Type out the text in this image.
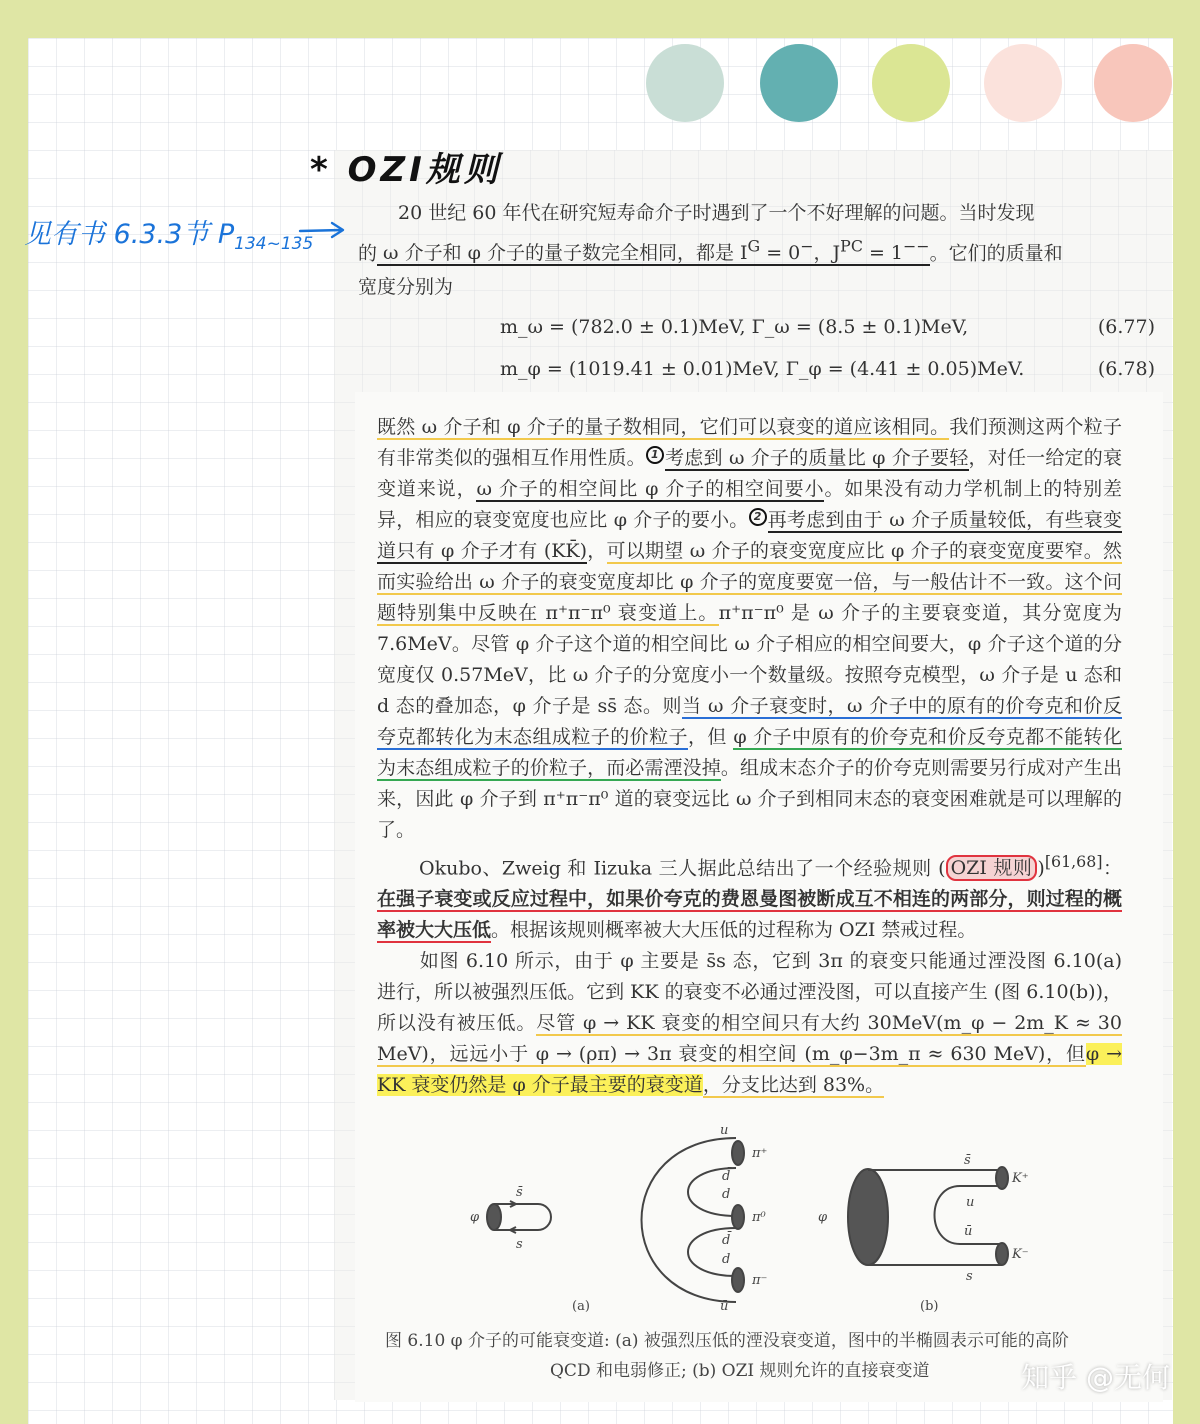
* OZI规则
见有书 6.3.3节 $P_{134\sim 135}$
20 世纪 60 年代在研究短寿命介子时遇到了一个不好理解的问题。当时发现
的 ω 介子和 φ 介子的量子数完全相同，都是 $I^G = 0^-$，$J^{PC} = 1^{--}$。它们的质量和
宽度分别为
m_ω = (782.0 ± 0.1)MeV, Γ_ω = (8.5 ± 0.1)MeV,	(6.77)
m_φ = (1019.41 ± 0.01)MeV, Γ_φ = (4.41 ± 0.05)MeV.	(6.78)

既然 ω 介子和 φ 介子的量子数相同，它们可以衰变的道应该相同。我们预测这两个粒子有非常类似的强相互作用性质。 1 考虑到 ω 介子的质量比 φ 介子要轻，对任一给定的衰变道来说，ω 介子的相空间比 φ 介子的相空间要小。如果没有动力学机制上的特别差异，相应的衰变宽度也应比 φ 介子的要小。 2 再考虑到由于 ω 介子质量较低，有些衰变道只有 φ 介子才有 (KK̄)，可以期望 ω 介子的衰变宽度应比 φ 介子的衰变宽度要窄。然而实验给出 ω 介子的衰变宽度却比 φ 介子的宽度要宽一倍，与一般估计不一致。这个问题特别集中反映在 π⁺π⁻π⁰ 衰变道上。π⁺π⁻π⁰ 是 ω 介子的主要衰变道，其分宽度为 7.6MeV。尽管 φ 介子这个道的相空间比 ω 介子相应的相空间要大，φ 介子这个道的分宽度仅 0.57MeV，比 ω 介子的分宽度小一个数量级。按照夸克模型，ω 介子是 u 态和 d 态的叠加态，φ 介子是 ss̄ 态。则当 ω 介子衰变时，ω 介子中的原有的价夸克和价反夸克都转化为末态组成粒子的价粒子，但 φ 介子中原有的价夸克和价反夸克都不能转化为末态组成粒子的价粒子，而必需湮没掉。组成末态介子的价夸克则需要另行成对产生出来，因此 φ 介子到 π⁺π⁻π⁰ 道的衰变远比 ω 介子到相同末态的衰变困难就是可以理解的了。

Okubo、Zweig 和 Iizuka 三人据此总结出了一个经验规则 ( OZI 规则 )[61,68]：在强子衰变或反应过程中，如果价夸克的费恩曼图被断成互不相连的两部分，则过程的概率被大大压低。根据该规则概率被大大压低的过程称为 OZI 禁戒过程。

如图 6.10 所示，由于 φ 主要是 s̄s 态，它到 3π 的衰变只能通过湮没图 6.10(a) 进行，所以被强烈压低。它到 KK 的衰变不必通过湮没图，可以直接产生 (图 6.10(b))，所以没有被压低。尽管 φ → KK 衰变的相空间只有大约 30MeV(m_φ − 2m_K ≈ 30 MeV)，远远小于 φ → (ρπ) → 3π 衰变的相空间 (m_φ−3m_π ≈ 630 MeV)，但φ → KK 衰变仍然是 φ 介子最主要的衰变道，分支比达到 83%。

φ
s̄
s
u
d̄
d
d̄
d
ū
π⁺
π⁰
π⁻
(a)
φ
s̄
u
ū
s
K⁺
K⁻
(b)
图 6.10 φ 介子的可能衰变道: (a) 被强烈压低的湮没衰变道，图中的半椭圆表示可能的高阶
QCD 和电弱修正; (b) OZI 规则允许的直接衰变道	知乎 @无何
